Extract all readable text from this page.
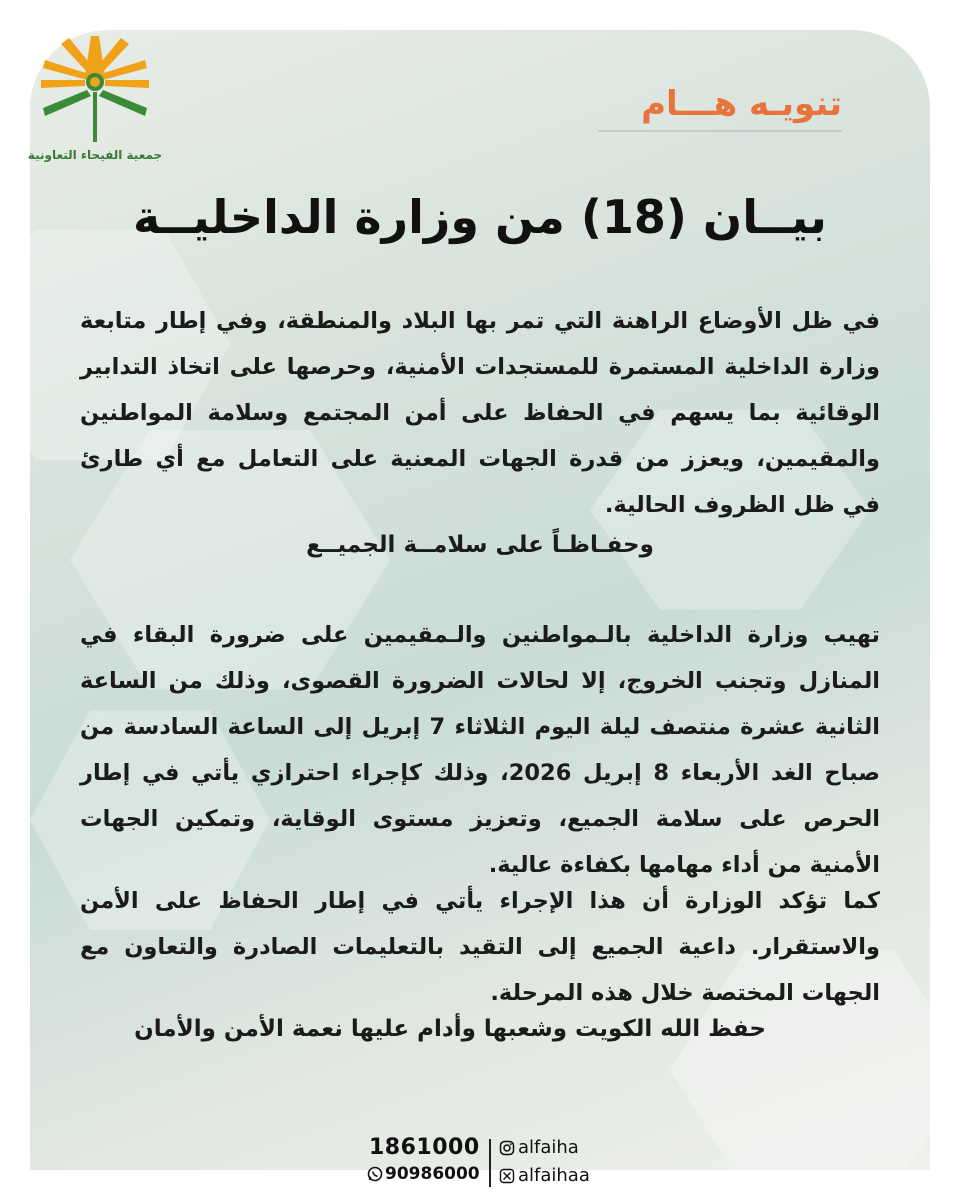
جمعية الفيحاء التعاونية
تنويـه هـــام
بيــان (18) من وزارة الداخليــة
في ظل الأوضاع الراهنة التي تمر بها البلاد والمنطقة، وفي إطار متابعة وزارة الداخلية المستمرة للمستجدات الأمنية، وحرصها على اتخاذ التدابير الوقائية بما يسهم في الحفاظ على أمن المجتمع وسلامة المواطنين والمقيمين، ويعزز من قدرة الجهات المعنية على التعامل مع أي طارئ في ظل الظروف الحالية.
وحفـاظـاً على سلامــة الجميــع
تهيب وزارة الداخلية بالـمواطنين والـمقيمين على ضرورة البقاء في المنازل وتجنب الخروج، إلا لحالات الضرورة القصوى، وذلك من الساعة الثانية عشرة منتصف ليلة اليوم الثلاثاء 7 إبريل إلى الساعة السادسة من صباح الغد الأربعاء 8 إبريل 2026، وذلك كإجراء احترازي يأتي في إطار الحرص على سلامة الجميع، وتعزيز مستوى الوقاية، وتمكين الجهات الأمنية من أداء مهامها بكفاءة عالية.
كما تؤكد الوزارة أن هذا الإجراء يأتي في إطار الحفاظ على الأمن والاستقرار. داعية الجميع إلى التقيد بالتعليمات الصادرة والتعاون مع الجهات المختصة خلال هذه المرحلة.
حفظ الله الكويت وشعبها وأدام عليها نعمة الأمن والأمان
1861000
90986000
alfaiha
alfaihaa
